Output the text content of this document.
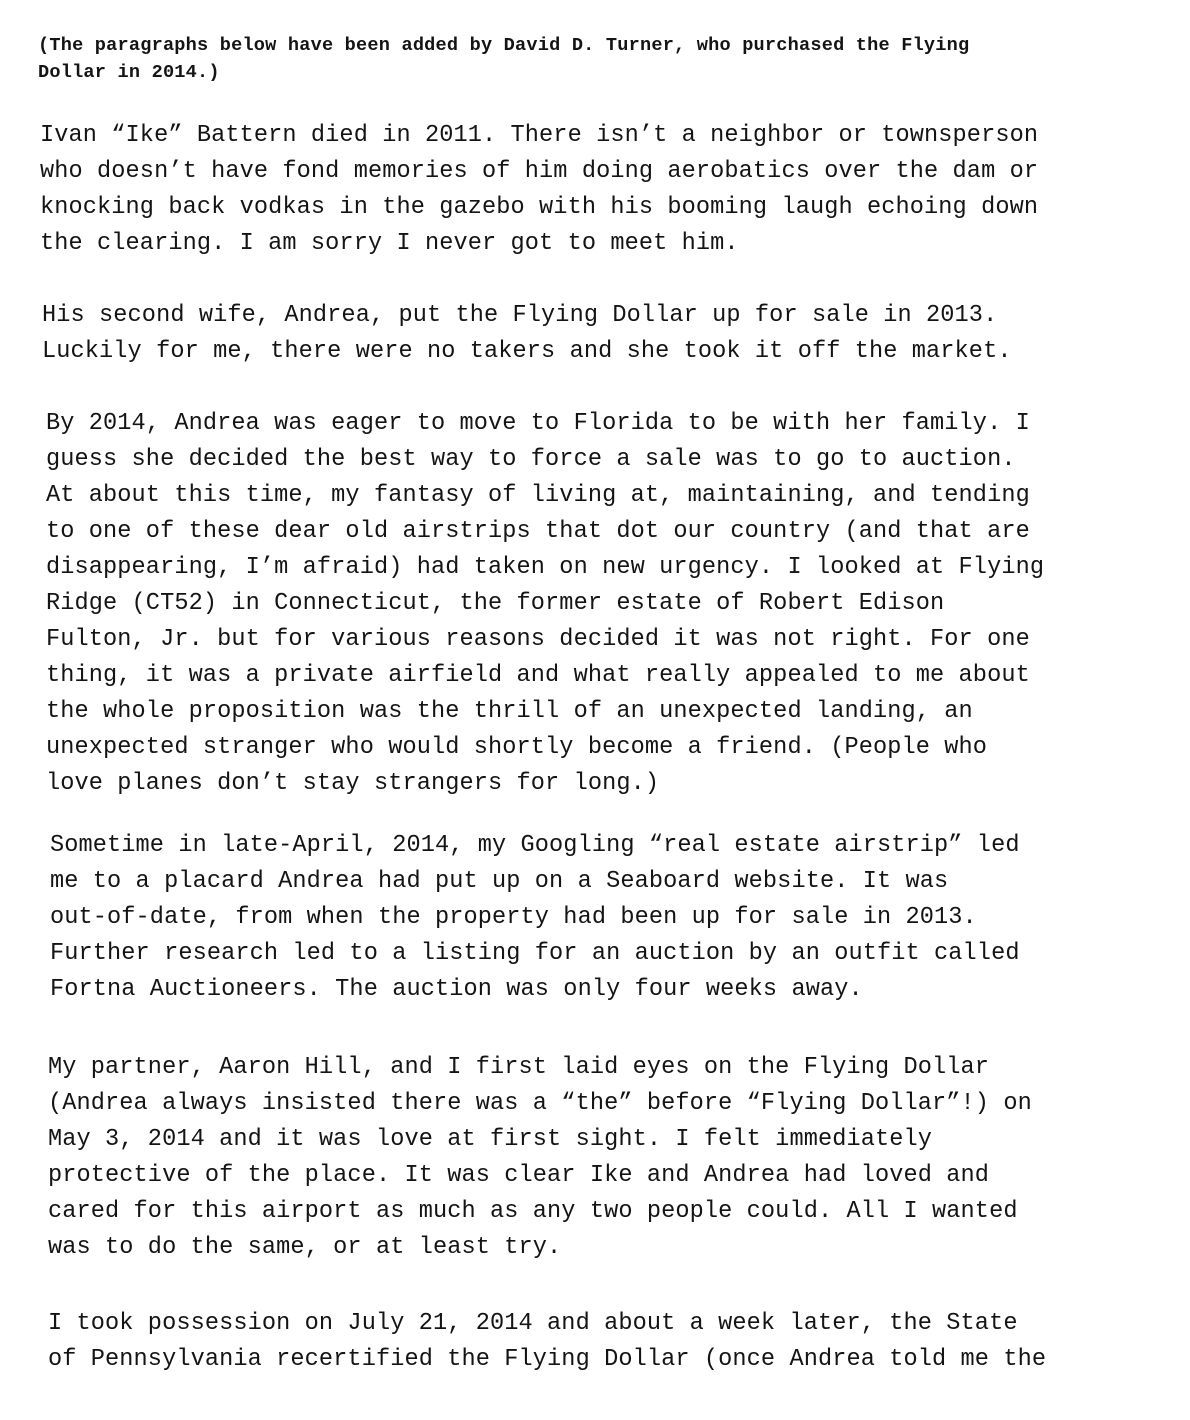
(The paragraphs below have been added by David D. Turner, who purchased the Flying
Dollar in 2014.)

Ivan “Ike” Battern died in 2011. There isn’t a neighbor or townsperson
who doesn’t have fond memories of him doing aerobatics over the dam or
knocking back vodkas in the gazebo with his booming laugh echoing down
the clearing. I am sorry I never got to meet him.

His second wife, Andrea, put the Flying Dollar up for sale in 2013.
Luckily for me, there were no takers and she took it off the market.

By 2014, Andrea was eager to move to Florida to be with her family. I
guess she decided the best way to force a sale was to go to auction.
At about this time, my fantasy of living at, maintaining, and tending
to one of these dear old airstrips that dot our country (and that are
disappearing, I’m afraid) had taken on new urgency. I looked at Flying
Ridge (CT52) in Connecticut, the former estate of Robert Edison
Fulton, Jr. but for various reasons decided it was not right. For one
thing, it was a private airfield and what really appealed to me about
the whole proposition was the thrill of an unexpected landing, an
unexpected stranger who would shortly become a friend. (People who
love planes don’t stay strangers for long.)

Sometime in late-April, 2014, my Googling “real estate airstrip” led
me to a placard Andrea had put up on a Seaboard website. It was
out-of-date, from when the property had been up for sale in 2013.
Further research led to a listing for an auction by an outfit called
Fortna Auctioneers. The auction was only four weeks away.

My partner, Aaron Hill, and I first laid eyes on the Flying Dollar
(Andrea always insisted there was a “the” before “Flying Dollar”!) on
May 3, 2014 and it was love at first sight. I felt immediately
protective of the place. It was clear Ike and Andrea had loved and
cared for this airport as much as any two people could. All I wanted
was to do the same, or at least try.

I took possession on July 21, 2014 and about a week later, the State
of Pennsylvania recertified the Flying Dollar (once Andrea told me the
